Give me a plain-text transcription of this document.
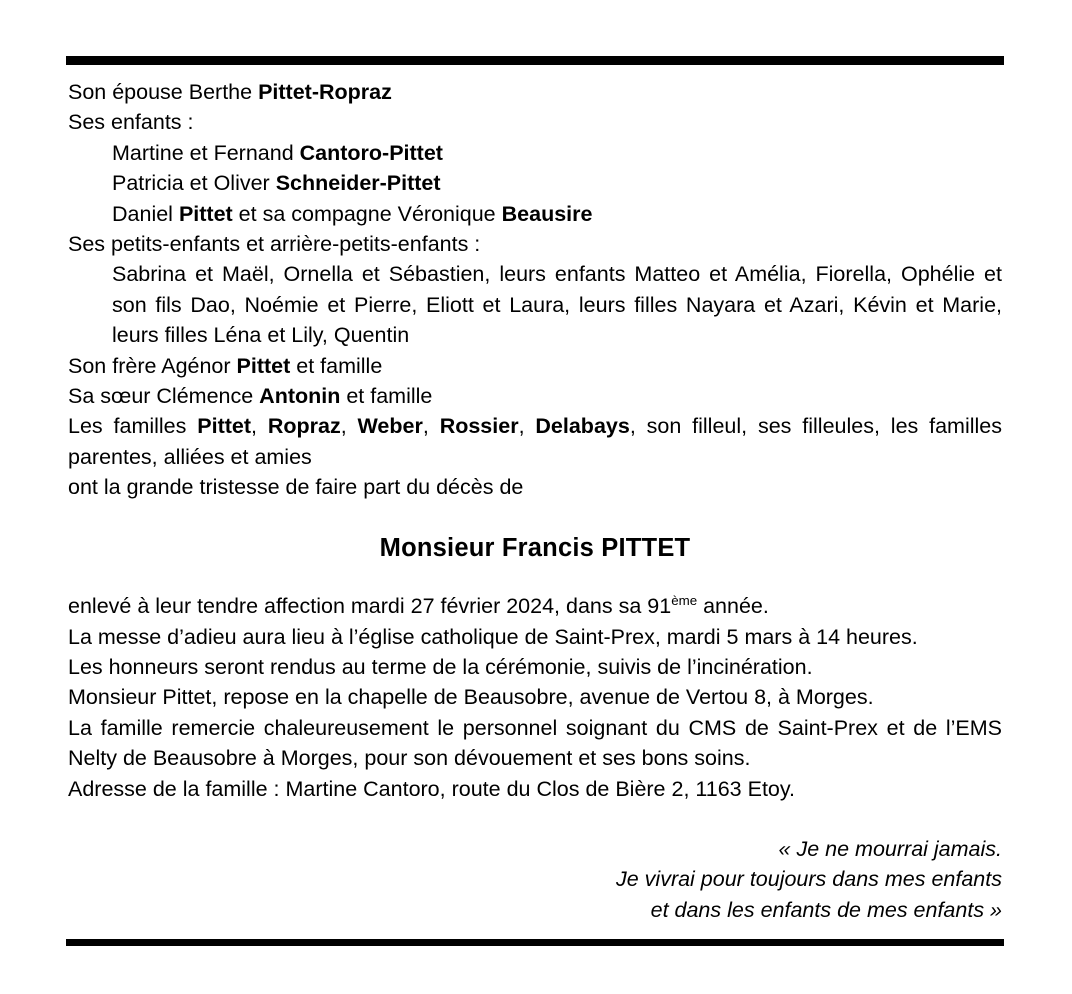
Son épouse Berthe Pittet-Ropraz
Ses enfants :
Martine et Fernand Cantoro-Pittet
Patricia et Oliver Schneider-Pittet
Daniel Pittet et sa compagne Véronique Beausire
Ses petits-enfants et arrière-petits-enfants :
Sabrina et Maël, Ornella et Sébastien, leurs enfants Matteo et Amélia, Fiorella, Ophélie et son fils Dao, Noémie et Pierre, Eliott et Laura, leurs filles Nayara et Azari, Kévin et Marie, leurs filles Léna et Lily, Quentin
Son frère Agénor Pittet et famille
Sa sœur Clémence Antonin et famille
Les familles Pittet, Ropraz, Weber, Rossier, Delabays, son filleul, ses filleules, les familles parentes, alliées et amies
ont la grande tristesse de faire part du décès de
Monsieur Francis PITTET
enlevé à leur tendre affection mardi 27 février 2024, dans sa 91ème année.
La messe d’adieu aura lieu à l’église catholique de Saint-Prex, mardi 5 mars à 14 heures.
Les honneurs seront rendus au terme de la cérémonie, suivis de l’incinération.
Monsieur Pittet, repose en la chapelle de Beausobre, avenue de Vertou 8, à Morges.
La famille remercie chaleureusement le personnel soignant du CMS de Saint-Prex et de l’EMS Nelty de Beausobre à Morges, pour son dévouement et ses bons soins.
Adresse de la famille : Martine Cantoro, route du Clos de Bière 2, 1163 Etoy.
« Je ne mourrai jamais.
Je vivrai pour toujours dans mes enfants
et dans les enfants de mes enfants »
